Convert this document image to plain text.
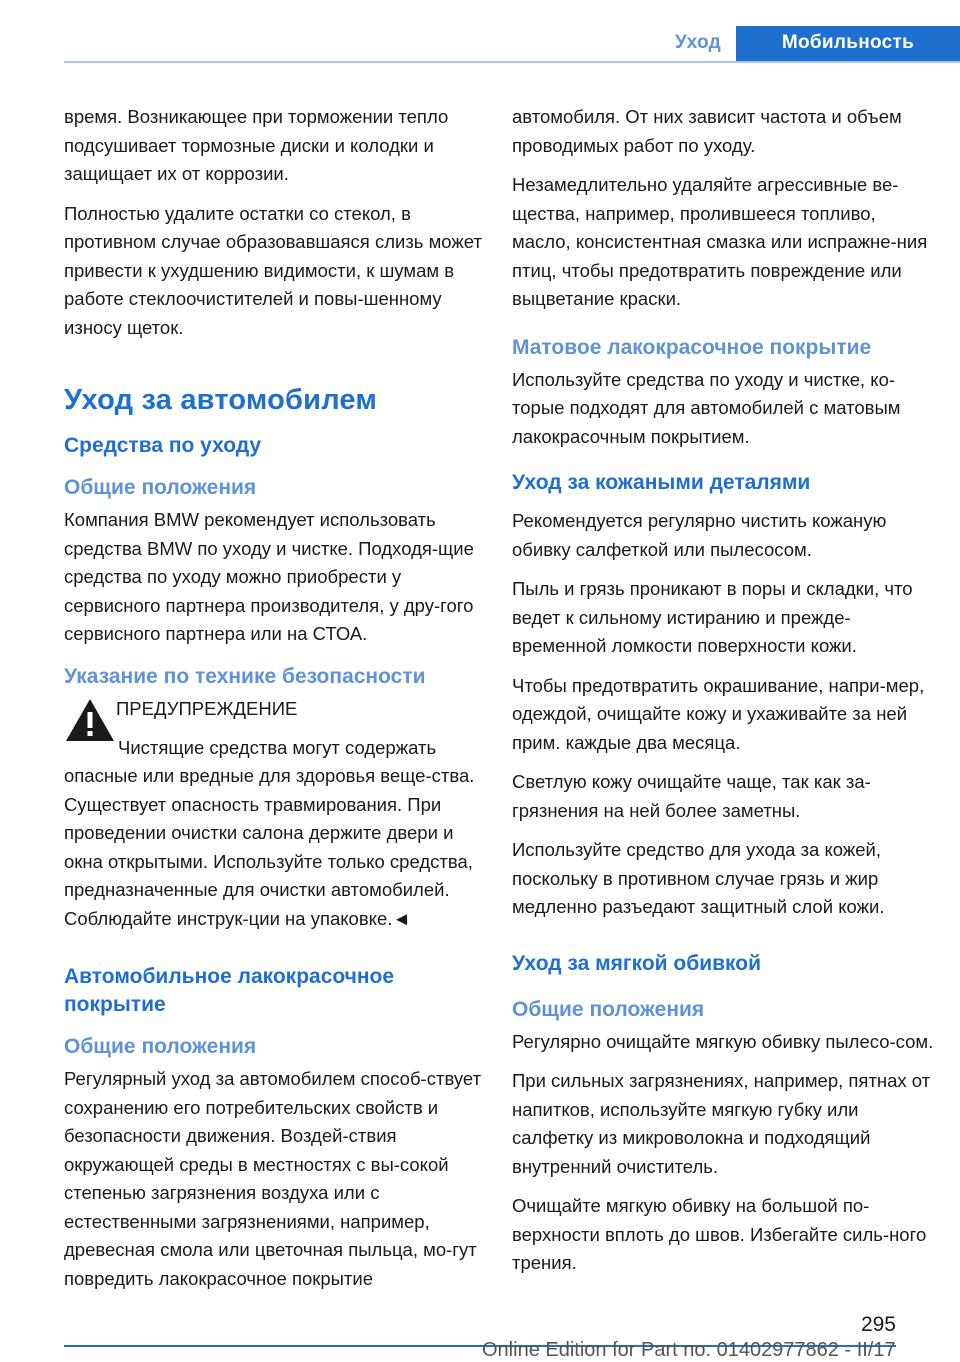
Уход	Мобильность

время. Возникающее при торможении тепло подсушивает тормозные диски и колодки и защищает их от коррозии.

Полностью удалите остатки со стекол, в противном случае образовавшаяся слизь может привести к ухудшению видимости, к шумам в работе стеклоочистителей и повы‐шенному износу щеток.

Уход за автомобилем
Средства по уходу
Общие положения

Компания BMW рекомендует использовать средства BMW по уходу и чистке. Подходя‐щие средства по уходу можно приобрести у сервисного партнера производителя, у дру‐гого сервисного партнера или на СТОА.

Указание по технике безопасности
ПРЕДУПРЕЖДЕНИЕ

Чистящие средства могут содержать опасные или вредные для здоровья веще‐ства. Существует опасность травмирования. При проведении очистки салона держите двери и окна открытыми. Используйте только средства, предназначенные для очистки автомобилей. Соблюдайте инструк‐ции на упаковке.◄

Автомобильное лакокрасочное покрытие
Общие положения

Регулярный уход за автомобилем способ‐ствует сохранению его потребительских свойств и безопасности движения. Воздей‐ствия окружающей среды в местностях с вы‐сокой степенью загрязнения воздуха или с естественными загрязнениями, например, древесная смола или цветочная пыльца, мо‐гут повредить лакокрасочное покрытие

автомобиля. От них зависит частота и объем проводимых работ по уходу.

Незамедлительно удаляйте агрессивные ве‐щества, например, пролившееся топливо, масло, консистентная смазка или испражне‐ния птиц, чтобы предотвратить повреждение или выцветание краски.

Матовое лакокрасочное покрытие

Используйте средства по уходу и чистке, ко‐торые подходят для автомобилей с матовым лакокрасочным покрытием.

Уход за кожаными деталями

Рекомендуется регулярно чистить кожаную обивку салфеткой или пылесосом.

Пыль и грязь проникают в поры и складки, что ведет к сильному истиранию и прежде‐временной ломкости поверхности кожи.

Чтобы предотвратить окрашивание, напри‐мер, одеждой, очищайте кожу и ухаживайте за ней прим. каждые два месяца.

Светлую кожу очищайте чаще, так как за‐грязнения на ней более заметны.

Используйте средство для ухода за кожей, поскольку в противном случае грязь и жир медленно разъедают защитный слой кожи.

Уход за мягкой обивкой
Общие положения

Регулярно очищайте мягкую обивку пылесо‐сом.

При сильных загрязнениях, например, пятнах от напитков, используйте мягкую губку или салфетку из микроволокна и подходящий внутренний очиститель.

Очищайте мягкую обивку на большой по‐верхности вплоть до швов. Избегайте силь‐ного трения.

295
Online Edition for Part no. 01402977862 - II/17
